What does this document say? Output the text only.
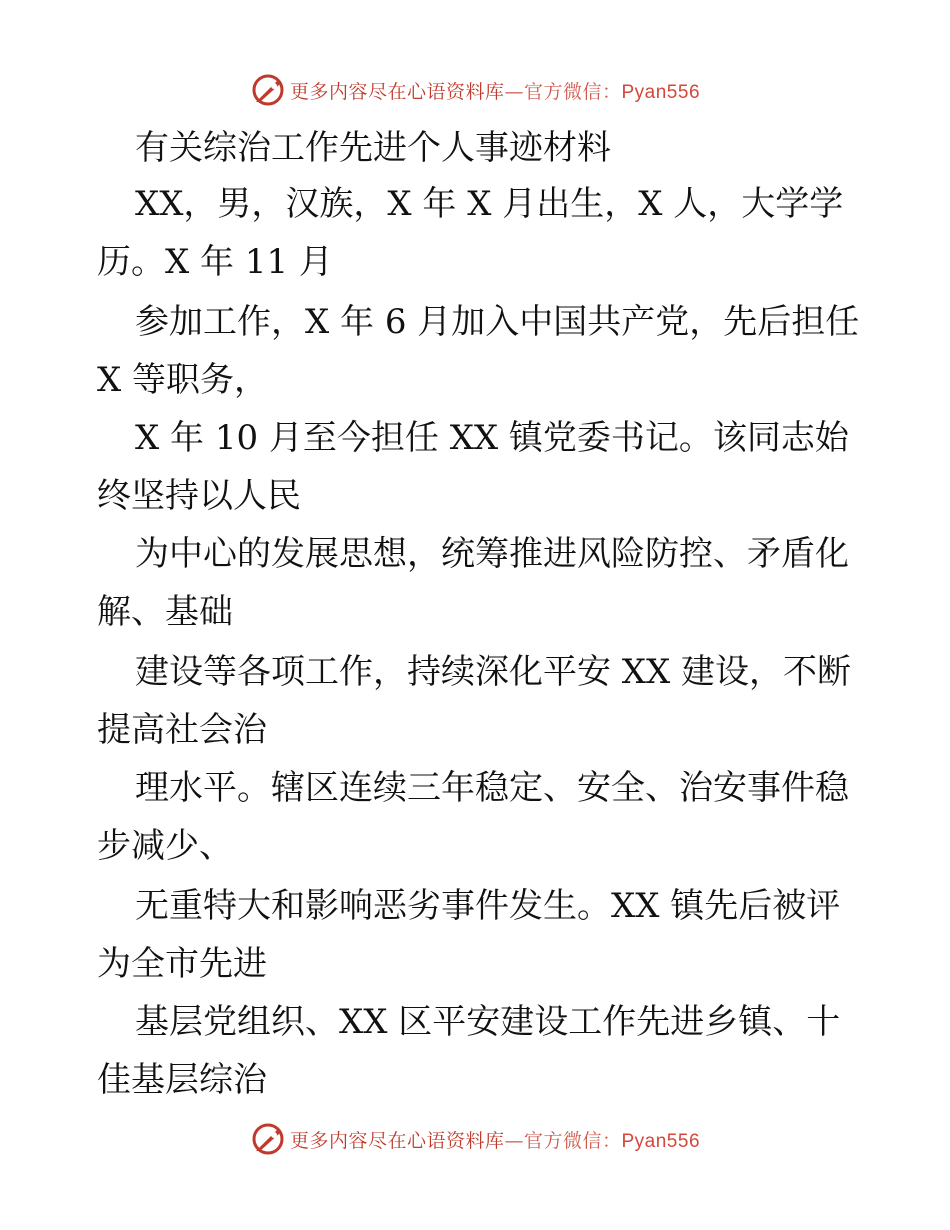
更多内容尽在心语资料库—官方微信：Pyan556
有关综治工作先进个人事迹材料
XX，男，汉族，X 年 X 月出生，X 人，大学学
历。X 年 11 月
参加工作，X 年 6 月加入中国共产党，先后担任
X 等职务，
X 年 10 月至今担任 XX 镇党委书记。该同志始
终坚持以人民
为中心的发展思想，统筹推进风险防控、矛盾化
解、基础
建设等各项工作，持续深化平安 XX 建设，不断
提高社会治
理水平。辖区连续三年稳定、安全、治安事件稳
步减少、
无重特大和影响恶劣事件发生。XX 镇先后被评
为全市先进
基层党组织、XX 区平安建设工作先进乡镇、十
佳基层综治
更多内容尽在心语资料库—官方微信：Pyan556
